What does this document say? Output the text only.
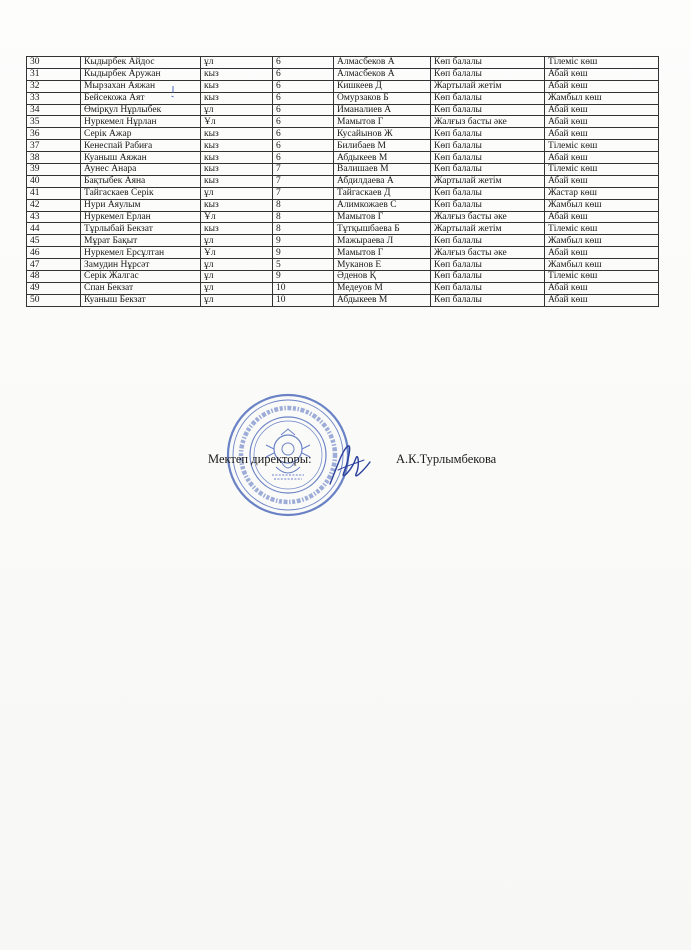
30	Кыдырбек Айдос	ұл	6	Алмасбеков А	Көп балалы	Тілеміс көш
31	Кыдырбек Аружан	кыз	6	Алмасбеков А	Көп балалы	Абай көш
32	Мырзахан Аяжан	кыз	6	Кишкеев Д	Жартылай жетім	Абай көш
33	Бейсекожа Аят	кыз	6	Омурзаков Б	Көп балалы	Жамбыл көш
34	Өмірқул Нұрлыбек	ұл	6	Иманалиев А	Көп балалы	Абай көш
35	Нуркемел Нұрлан	Ұл	6	Мамытов Г	Жалғыз басты әке	Абай көш
36	Серік Ажар	кыз	6	Кусайынов Ж	Көп балалы	Абай көш
37	Кенеспай Рабиға	кыз	6	Билибаев М	Көп балалы	Тілеміс көш
38	Куаныш Аяжан	кыз	6	Абдыкеев М	Көп балалы	Абай көш
39	Аунес Анара	кыз	7	Валишаев М	Көп балалы	Тілеміс көш
40	Бақтыбек Аяна	кыз	7	Абдилдаева А	Жартылай жетім	Абай көш
41	Тайгаскаев Серік	ұл	7	Тайгаскаев Д	Көп балалы	Жастар көш
42	Нури Аяулым	кыз	8	Алимкожаев С	Көп балалы	Жамбыл көш
43	Нуркемел Ерлан	Ұл	8	Мамытов Г	Жалғыз басты әке	Абай көш
44	Тұрлыбай Бекзат	кыз	8	Тұтқышбаева Б	Жартылай жетім	Тілеміс көш
45	Мұрат Бақыт	ұл	9	Мажыраева Л	Көп балалы	Жамбыл көш
46	Нуркемел Ерсұлтан	Ұл	9	Мамытов Г	Жалғыз басты әке	Абай көш
47	Замудин Нұрсәт	ұл	5	Муканов Е	Көп балалы	Жамбыл көш
48	Серік Жалгас	ұл	9	Әденов Қ	Көп балалы	Тілеміс көш
49	Спан Бекзат	ұл	10	Медеуов М	Көп балалы	Абай көш
50	Куаныш Бекзат	ұл	10	Абдыкеев М	Көп балалы	Абай көш
Мектеп директоры:	А.К.Турлымбекова
